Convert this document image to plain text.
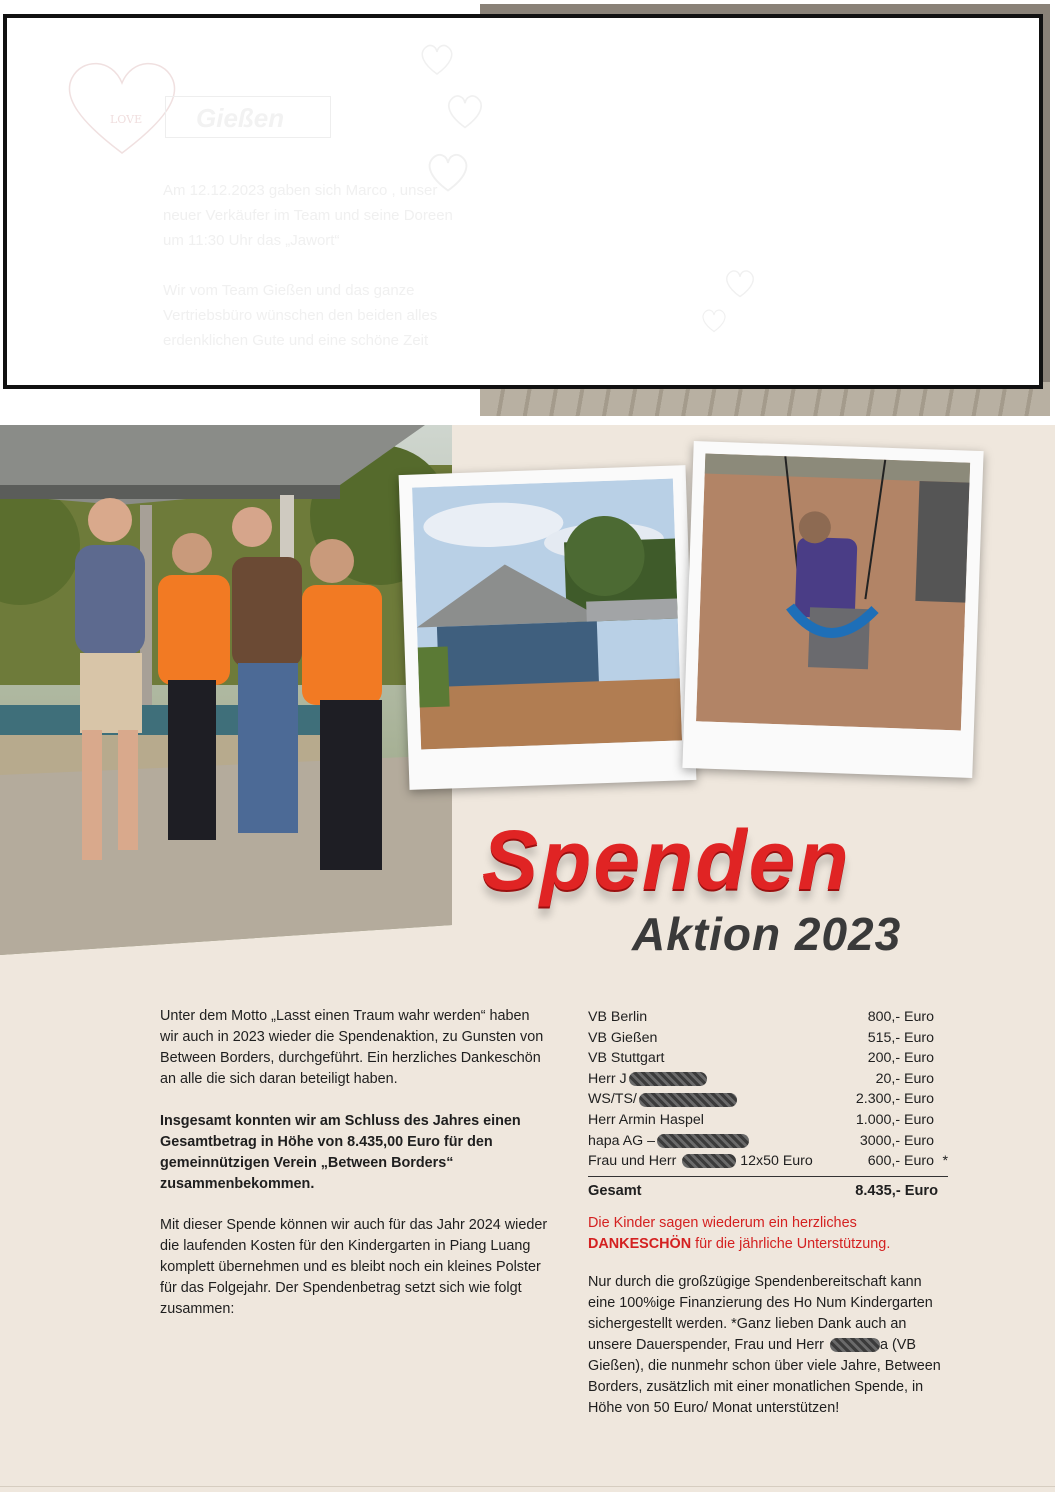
LOVE	Gießen
Am 12.12.2023 gaben sich Marco , unser neuer Verkäufer im Team und seine Doreen um 11:30 Uhr das „Jawort“
Wir vom Team Gießen und das ganze Vertriebsbüro wünschen den beiden alles erdenklichen Gute und eine schöne Zeit
Spenden
Aktion 2023
Unter dem Motto „Lasst einen Traum wahr werden“ haben wir auch in 2023 wieder die Spendenaktion, zu Gunsten von Between Borders, durchgeführt. Ein herzliches Dankeschön an alle die sich daran beteiligt haben.
Insgesamt konnten wir am Schluss des Jahres einen Gesamtbetrag in Höhe von 8.435,00 Euro für den gemeinnützigen Verein „Between Borders“ zusammenbekommen.
Mit dieser Spende können wir auch für das Jahr 2024 wieder die laufenden Kosten für den Kindergarten in Piang Luang komplett übernehmen und es bleibt noch ein kleines Polster für das Folgejahr. Der Spendenbetrag setzt sich wie folgt zusammen:
VB Berlin	800,- Euro
VB Gießen	515,- Euro
VB Stuttgart	200,- Euro
Herr J	20,- Euro
WS/TS/	2.300,- Euro
Herr Armin Haspel	1.000,- Euro
hapa AG –	3000,- Euro
Frau und Herr	12x50 Euro	600,- Euro *
Gesamt	8.435,- Euro
Die Kinder sagen wiederum ein herzliches
DANKESCHÖN für die jährliche Unterstützung.
Nur durch die großzügige Spendenbereitschaft kann eine 100%ige Finanzierung des Ho Num Kindergarten sichergestellt werden. *Ganz lieben Dank auch an unsere Dauerspender, Frau und Herr	a (VB Gießen), die nunmehr schon über viele Jahre, Between Borders, zusätzlich mit einer monatlichen Spende, in Höhe von 50 Euro/ Monat unterstützen!
